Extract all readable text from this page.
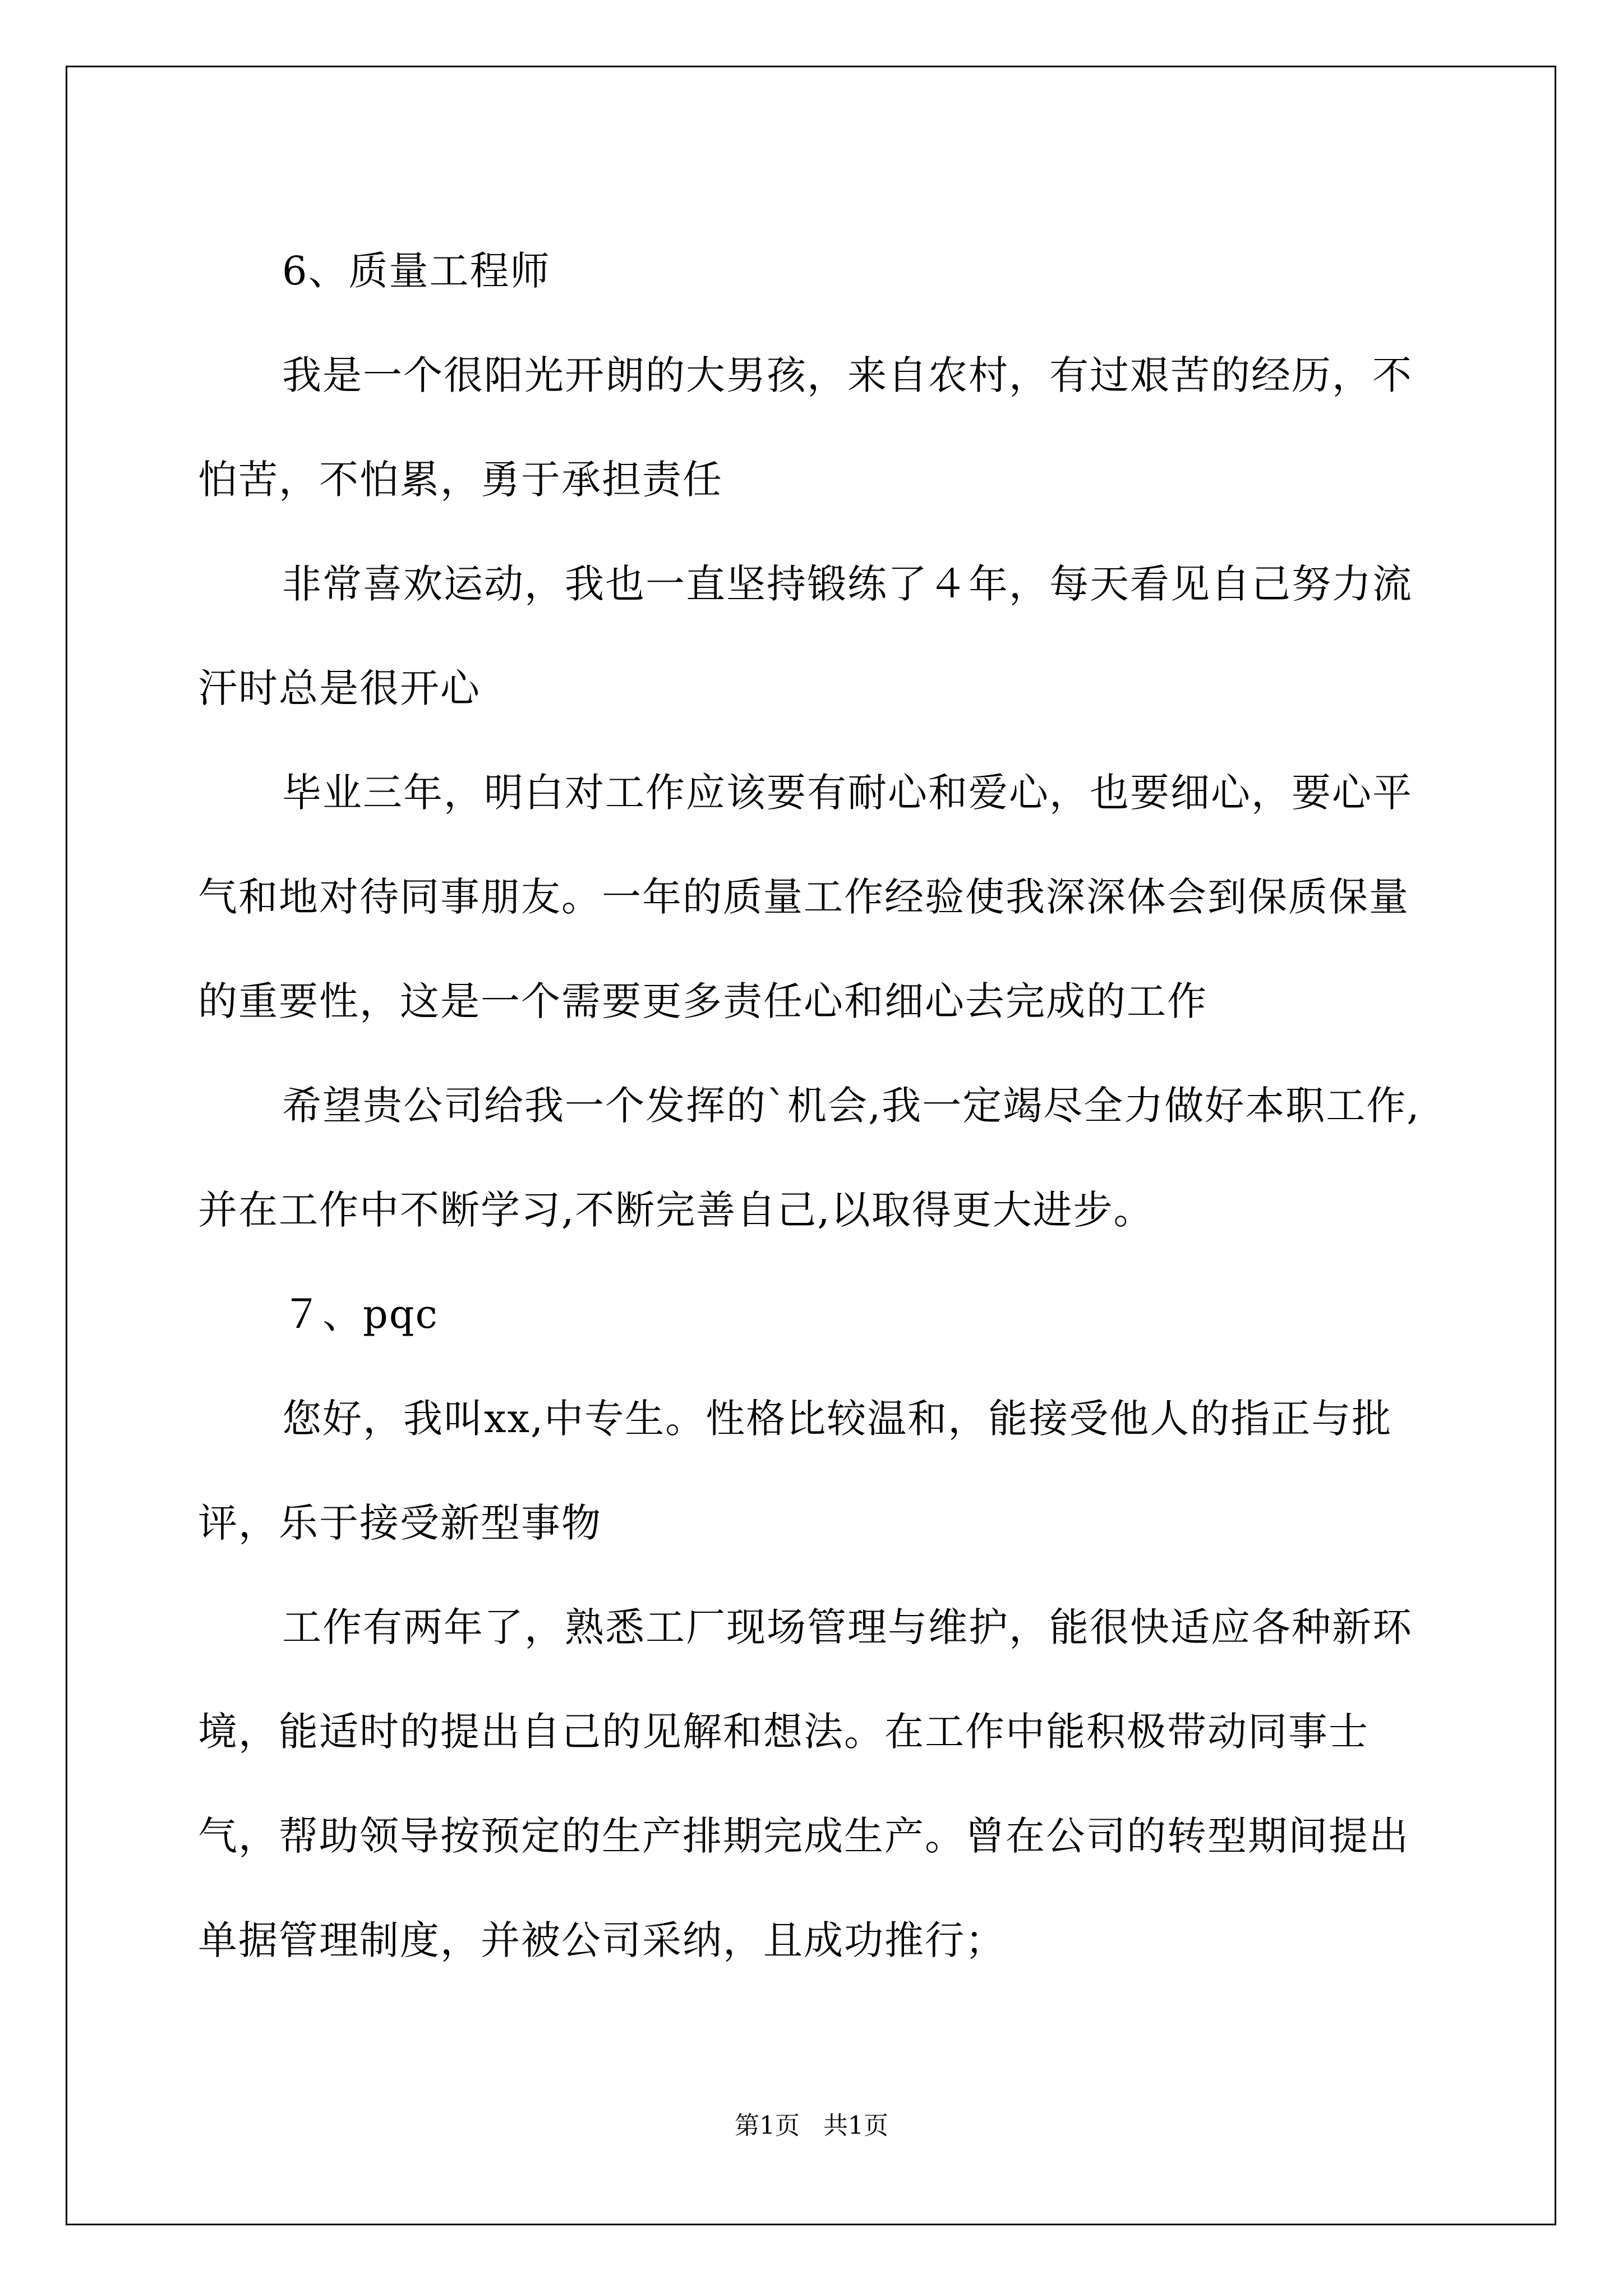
6、质量工程师

我是一个很阳光开朗的大男孩，来自农村，有过艰苦的经历，不怕苦，不怕累，勇于承担责任

非常喜欢运动，我也一直坚持锻练了４年，每天看见自己努力流汗时总是很开心

毕业三年，明白对工作应该要有耐心和爱心，也要细心，要心平气和地对待同事朋友。一年的质量工作经验使我深深体会到保质保量的重要性，这是一个需要更多责任心和细心去完成的工作

希望贵公司给我一个发挥的`机会,我一定竭尽全力做好本职工作,并在工作中不断学习,不断完善自己,以取得更大进步。

７、pqc

您好，我叫xx,中专生。性格比较温和，能接受他人的指正与批评，乐于接受新型事物

工作有两年了，熟悉工厂现场管理与维护，能很快适应各种新环境，能适时的提出自己的见解和想法。在工作中能积极带动同事士气，帮助领导按预定的生产排期完成生产。曾在公司的转型期间提出单据管理制度，并被公司采纳，且成功推行；

第1页 共1页
